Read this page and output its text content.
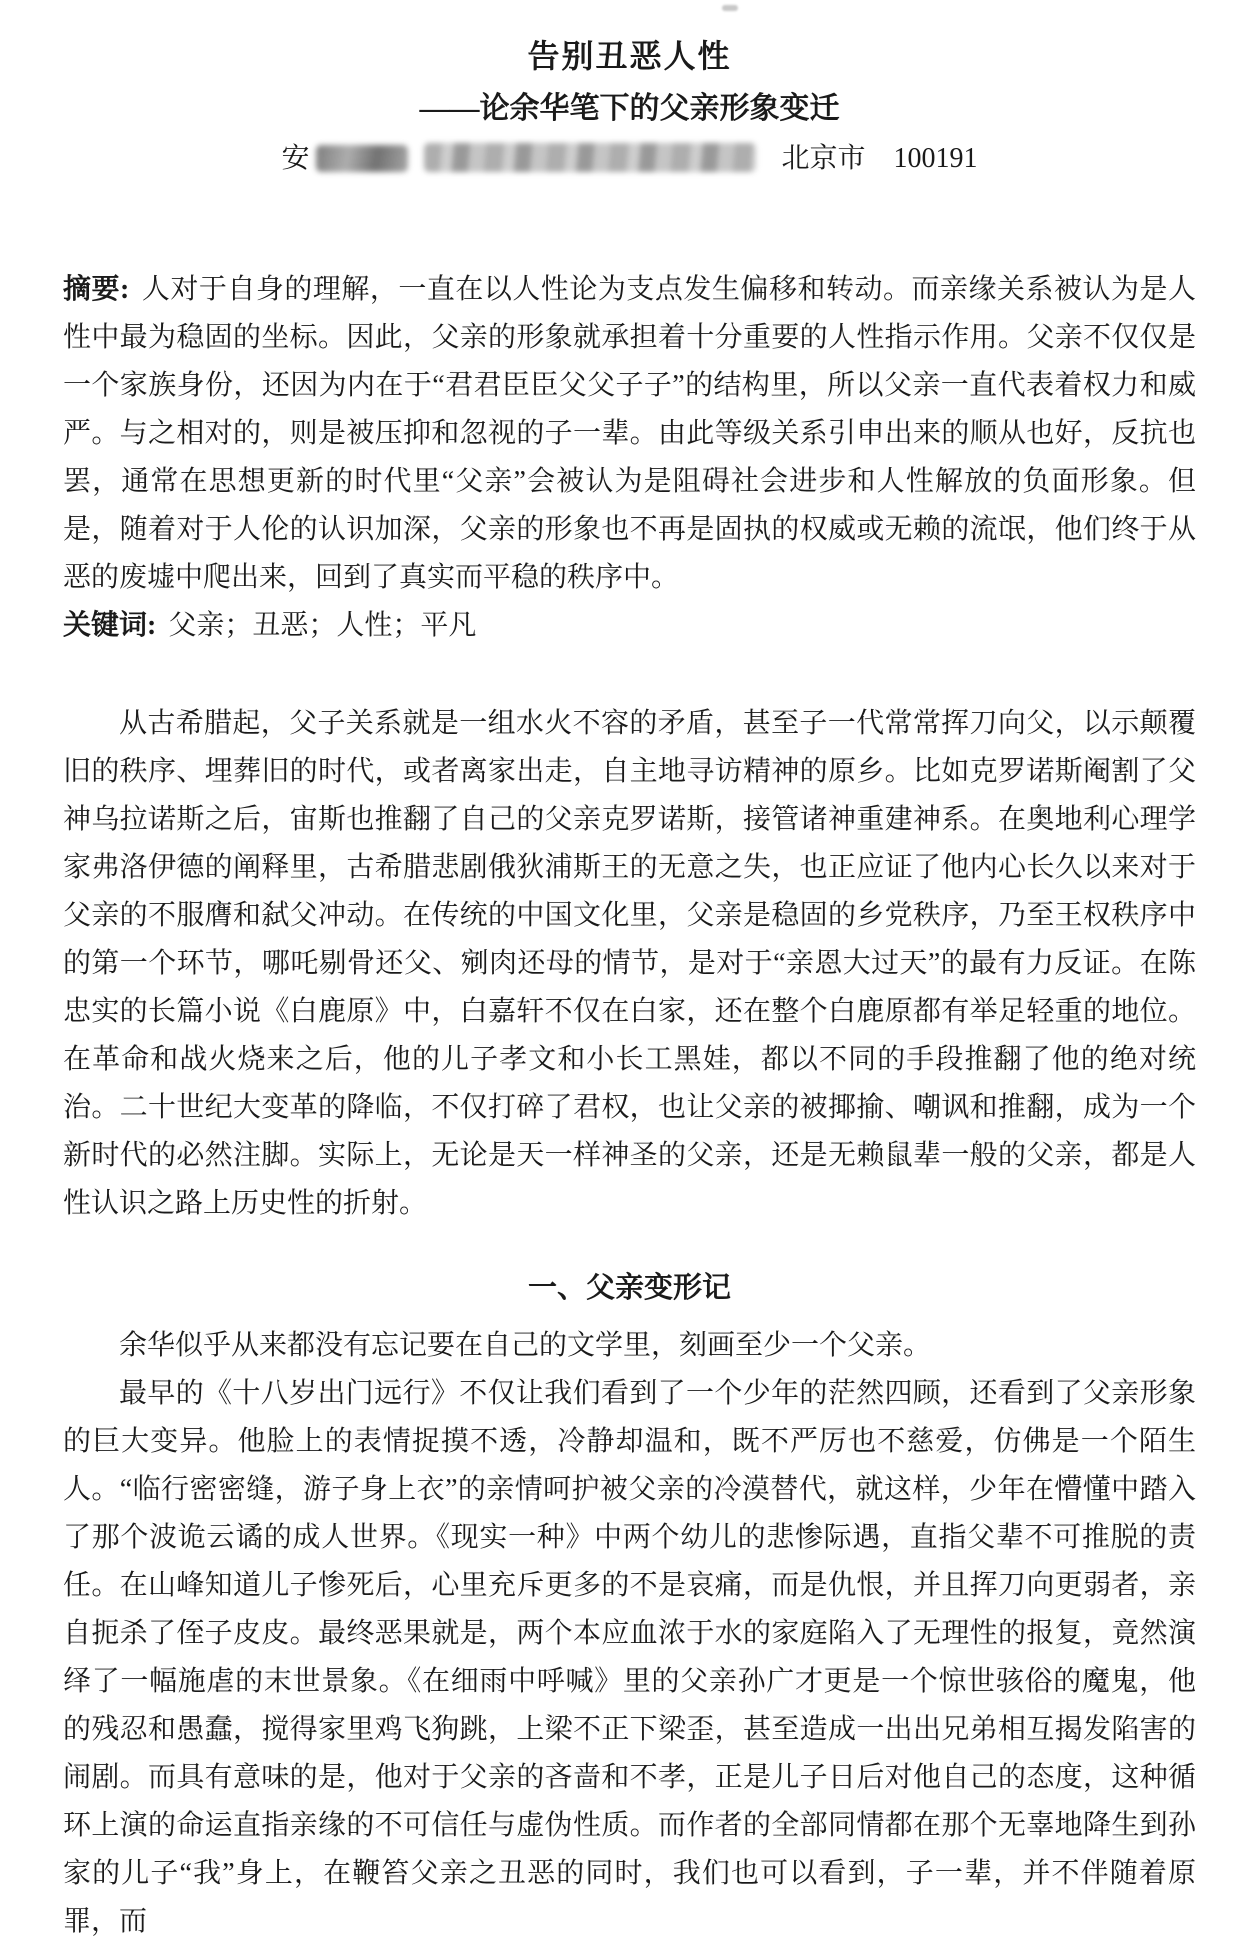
告别丑恶人性
——论余华笔下的父亲形象变迁
安	北京市　100191

摘要: 人对于自身的理解，一直在以人性论为支点发生偏移和转动。而亲缘关系被认为是人性中最为稳固的坐标。因此，父亲的形象就承担着十分重要的人性指示作用。父亲不仅仅是一个家族身份，还因为内在于“君君臣臣父父子子”的结构里，所以父亲一直代表着权力和威严。与之相对的，则是被压抑和忽视的子一辈。由此等级关系引申出来的顺从也好，反抗也罢，通常在思想更新的时代里“父亲”会被认为是阻碍社会进步和人性解放的负面形象。但是，随着对于人伦的认识加深，父亲的形象也不再是固执的权威或无赖的流氓，他们终于从恶的废墟中爬出来，回到了真实而平稳的秩序中。

关键词: 父亲；丑恶；人性；平凡

从古希腊起，父子关系就是一组水火不容的矛盾，甚至子一代常常挥刀向父，以示颠覆旧的秩序、埋葬旧的时代，或者离家出走，自主地寻访精神的原乡。比如克罗诺斯阉割了父神乌拉诺斯之后，宙斯也推翻了自己的父亲克罗诺斯，接管诸神重建神系。在奥地利心理学家弗洛伊德的阐释里，古希腊悲剧俄狄浦斯王的无意之失，也正应证了他内心长久以来对于父亲的不服膺和弑父冲动。在传统的中国文化里，父亲是稳固的乡党秩序，乃至王权秩序中的第一个环节，哪吒剔骨还父、剜肉还母的情节，是对于“亲恩大过天”的最有力反证。在陈忠实的长篇小说《白鹿原》中，白嘉轩不仅在白家，还在整个白鹿原都有举足轻重的地位。在革命和战火烧来之后，他的儿子孝文和小长工黑娃，都以不同的手段推翻了他的绝对统治。二十世纪大变革的降临，不仅打碎了君权，也让父亲的被揶揄、嘲讽和推翻，成为一个新时代的必然注脚。实际上，无论是天一样神圣的父亲，还是无赖鼠辈一般的父亲，都是人性认识之路上历史性的折射。

一、父亲变形记

余华似乎从来都没有忘记要在自己的文学里，刻画至少一个父亲。

最早的《十八岁出门远行》不仅让我们看到了一个少年的茫然四顾，还看到了父亲形象的巨大变异。他脸上的表情捉摸不透，冷静却温和，既不严厉也不慈爱，仿佛是一个陌生人。“临行密密缝，游子身上衣”的亲情呵护被父亲的冷漠替代，就这样，少年在懵懂中踏入了那个波诡云谲的成人世界。《现实一种》中两个幼儿的悲惨际遇，直指父辈不可推脱的责任。在山峰知道儿子惨死后，心里充斥更多的不是哀痛，而是仇恨，并且挥刀向更弱者，亲自扼杀了侄子皮皮。最终恶果就是，两个本应血浓于水的家庭陷入了无理性的报复，竟然演绎了一幅施虐的末世景象。《在细雨中呼喊》里的父亲孙广才更是一个惊世骇俗的魔鬼，他的残忍和愚蠢，搅得家里鸡飞狗跳，上梁不正下梁歪，甚至造成一出出兄弟相互揭发陷害的闹剧。而具有意味的是，他对于父亲的吝啬和不孝，正是儿子日后对他自己的态度，这种循环上演的命运直指亲缘的不可信任与虚伪性质。而作者的全部同情都在那个无辜地降生到孙家的儿子“我”身上，在鞭笞父亲之丑恶的同时，我们也可以看到，子一辈，并不伴随着原罪，而
